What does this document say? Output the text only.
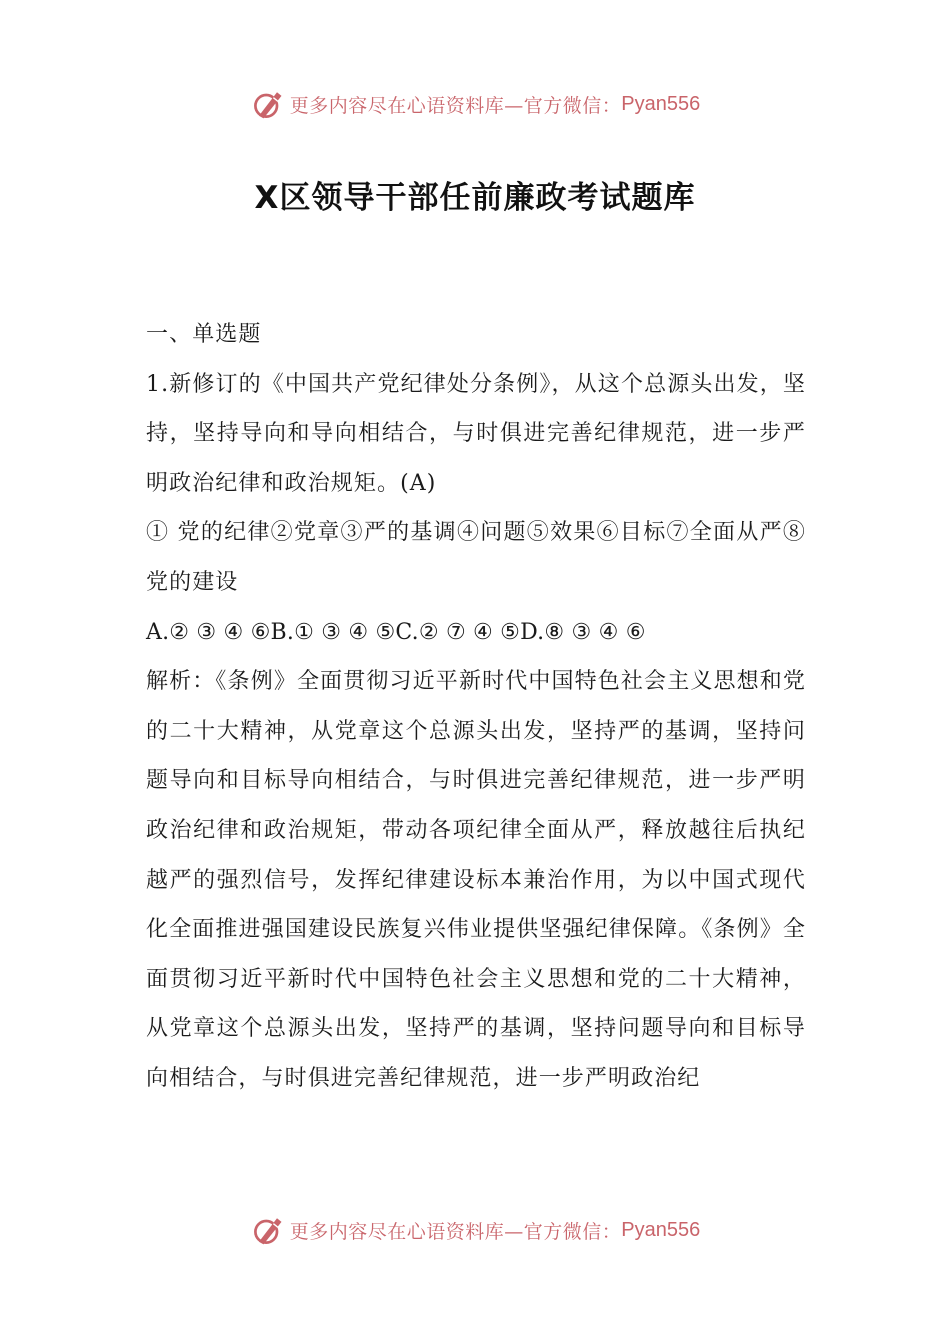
更多内容尽在心语资料库—官方微信： Pyan556
X区领导干部任前廉政考试题库

一、单选题

1.新修订的《中国共产党纪律处分条例》，从这个总源头出发，坚持，坚持导向和导向相结合，与时俱进完善纪律规范，进一步严明政治纪律和政治规矩。(A)

① 党的纪律②党章③严的基调④问题⑤效果⑥目标⑦全面从严⑧党的建设

A.② ③ ④ ⑥B.① ③ ④ ⑤C.② ⑦ ④ ⑤D.⑧ ③ ④ ⑥

解析：《条例》全面贯彻习近平新时代中国特色社会主义思想和党的二十大精神，从党章这个总源头出发，坚持严的基调，坚持问题导向和目标导向相结合，与时俱进完善纪律规范，进一步严明政治纪律和政治规矩，带动各项纪律全面从严，释放越往后执纪越严的强烈信号，发挥纪律建设标本兼治作用，为以中国式现代化全面推进强国建设民族复兴伟业提供坚强纪律保障。《条例》全面贯彻习近平新时代中国特色社会主义思想和党的二十大精神，从党章这个总源头出发，坚持严的基调，坚持问题导向和目标导向相结合，与时俱进完善纪律规范，进一步严明政治纪

更多内容尽在心语资料库—官方微信： Pyan556
